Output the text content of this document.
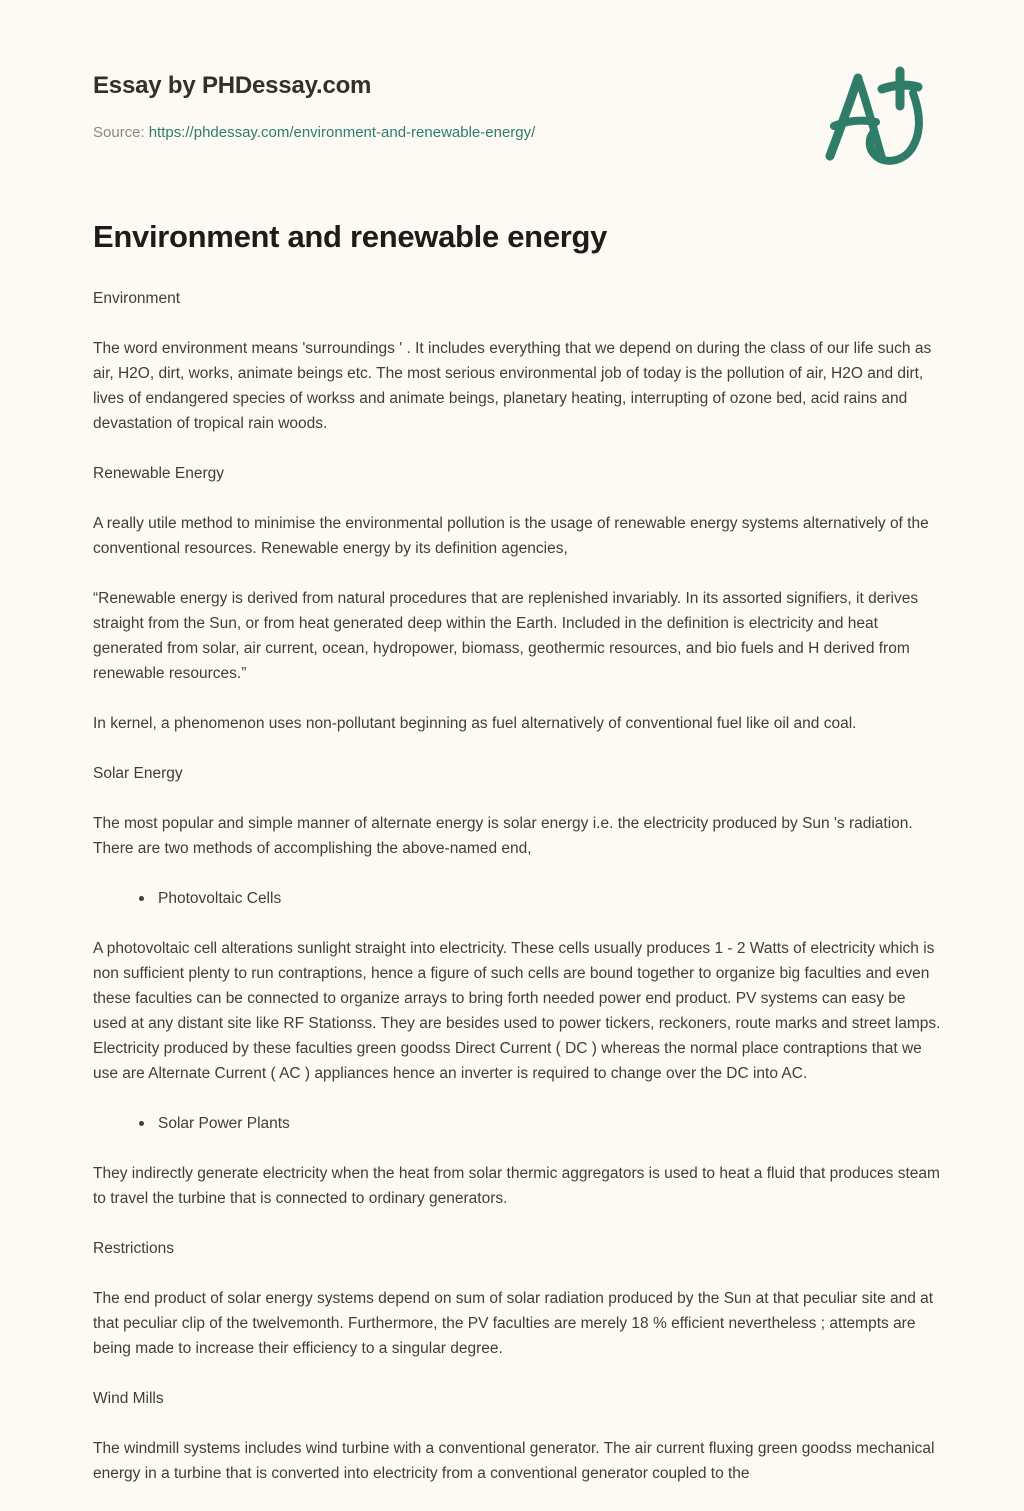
Essay by PHDessay.com
Source: https://phdessay.com/environment-and-renewable-energy/
Environment and renewable energy

Environment

The word environment means 'surroundings ' . It includes everything that we depend on during the class of our life such as air, H2O, dirt, works, animate beings etc. The most serious environmental job of today is the pollution of air, H2O and dirt, lives of endangered species of workss and animate beings, planetary heating, interrupting of ozone bed, acid rains and devastation of tropical rain woods.

Renewable Energy

A really utile method to minimise the environmental pollution is the usage of renewable energy systems alternatively of the conventional resources. Renewable energy by its definition agencies,

“Renewable energy is derived from natural procedures that are replenished invariably. In its assorted signifiers, it derives straight from the Sun, or from heat generated deep within the Earth. Included in the definition is electricity and heat generated from solar, air current, ocean, hydropower, biomass, geothermic resources, and bio fuels and H derived from renewable resources.”

In kernel, a phenomenon uses non-pollutant beginning as fuel alternatively of conventional fuel like oil and coal.

Solar Energy

The most popular and simple manner of alternate energy is solar energy i.e. the electricity produced by Sun 's radiation. There are two methods of accomplishing the above-named end,

Photovoltaic Cells

A photovoltaic cell alterations sunlight straight into electricity. These cells usually produces 1 - 2 Watts of electricity which is non sufficient plenty to run contraptions, hence a figure of such cells are bound together to organize big faculties and even these faculties can be connected to organize arrays to bring forth needed power end product. PV systems can easy be used at any distant site like RF Stationss. They are besides used to power tickers, reckoners, route marks and street lamps. Electricity produced by these faculties green goodss Direct Current ( DC ) whereas the normal place contraptions that we use are Alternate Current ( AC ) appliances hence an inverter is required to change over the DC into AC.

Solar Power Plants

They indirectly generate electricity when the heat from solar thermic aggregators is used to heat a fluid that produces steam to travel the turbine that is connected to ordinary generators.

Restrictions

The end product of solar energy systems depend on sum of solar radiation produced by the Sun at that peculiar site and at that peculiar clip of the twelvemonth. Furthermore, the PV faculties are merely 18 % efficient nevertheless ; attempts are being made to increase their efficiency to a singular degree.

Wind Mills

The windmill systems includes wind turbine with a conventional generator. The air current fluxing green goodss mechanical energy in a turbine that is converted into electricity from a conventional generator coupled to the
